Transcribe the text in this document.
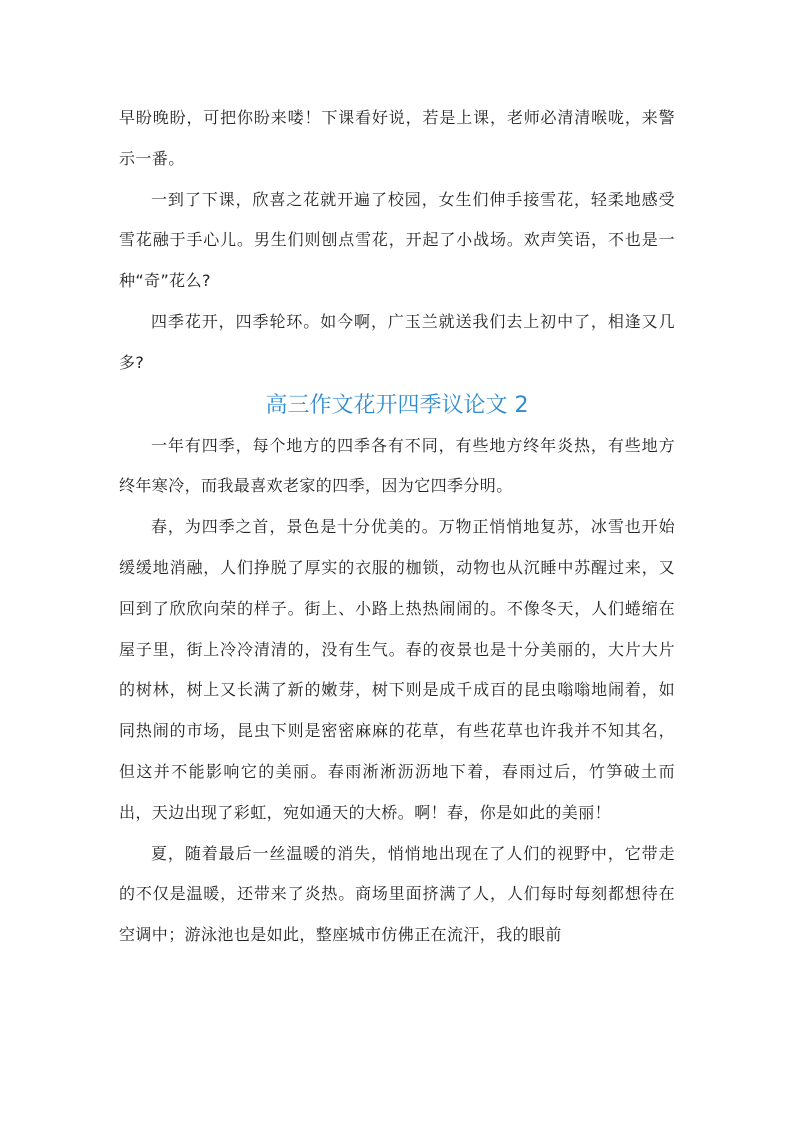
早盼晚盼，可把你盼来喽！下课看好说，若是上课，老师必清清喉咙，来警示一番。

一到了下课，欣喜之花就开遍了校园，女生们伸手接雪花，轻柔地感受雪花融于手心儿。男生们则刨点雪花，开起了小战场。欢声笑语，不也是一种“奇”花么?

四季花开，四季轮环。如今啊，广玉兰就送我们去上初中了，相逢又几多?

高三作文花开四季议论文 2

一年有四季，每个地方的四季各有不同，有些地方终年炎热，有些地方终年寒冷，而我最喜欢老家的四季，因为它四季分明。

春，为四季之首，景色是十分优美的。万物正悄悄地复苏，冰雪也开始缓缓地消融，人们挣脱了厚实的衣服的枷锁，动物也从沉睡中苏醒过来，又回到了欣欣向荣的样子。街上、小路上热热闹闹的。不像冬天，人们蜷缩在屋子里，街上冷冷清清的，没有生气。春的夜景也是十分美丽的，大片大片的树林，树上又长满了新的嫩芽，树下则是成千成百的昆虫嗡嗡地闹着，如同热闹的市场，昆虫下则是密密麻麻的花草，有些花草也许我并不知其名，但这并不能影响它的美丽。春雨淅淅沥沥地下着，春雨过后，竹笋破土而出，天边出现了彩虹，宛如通天的大桥。啊！春，你是如此的美丽！

夏，随着最后一丝温暖的消失，悄悄地出现在了人们的视野中，它带走的不仅是温暖，还带来了炎热。商场里面挤满了人，人们每时每刻都想待在空调中；游泳池也是如此，整座城市仿佛正在流汗，我的眼前
